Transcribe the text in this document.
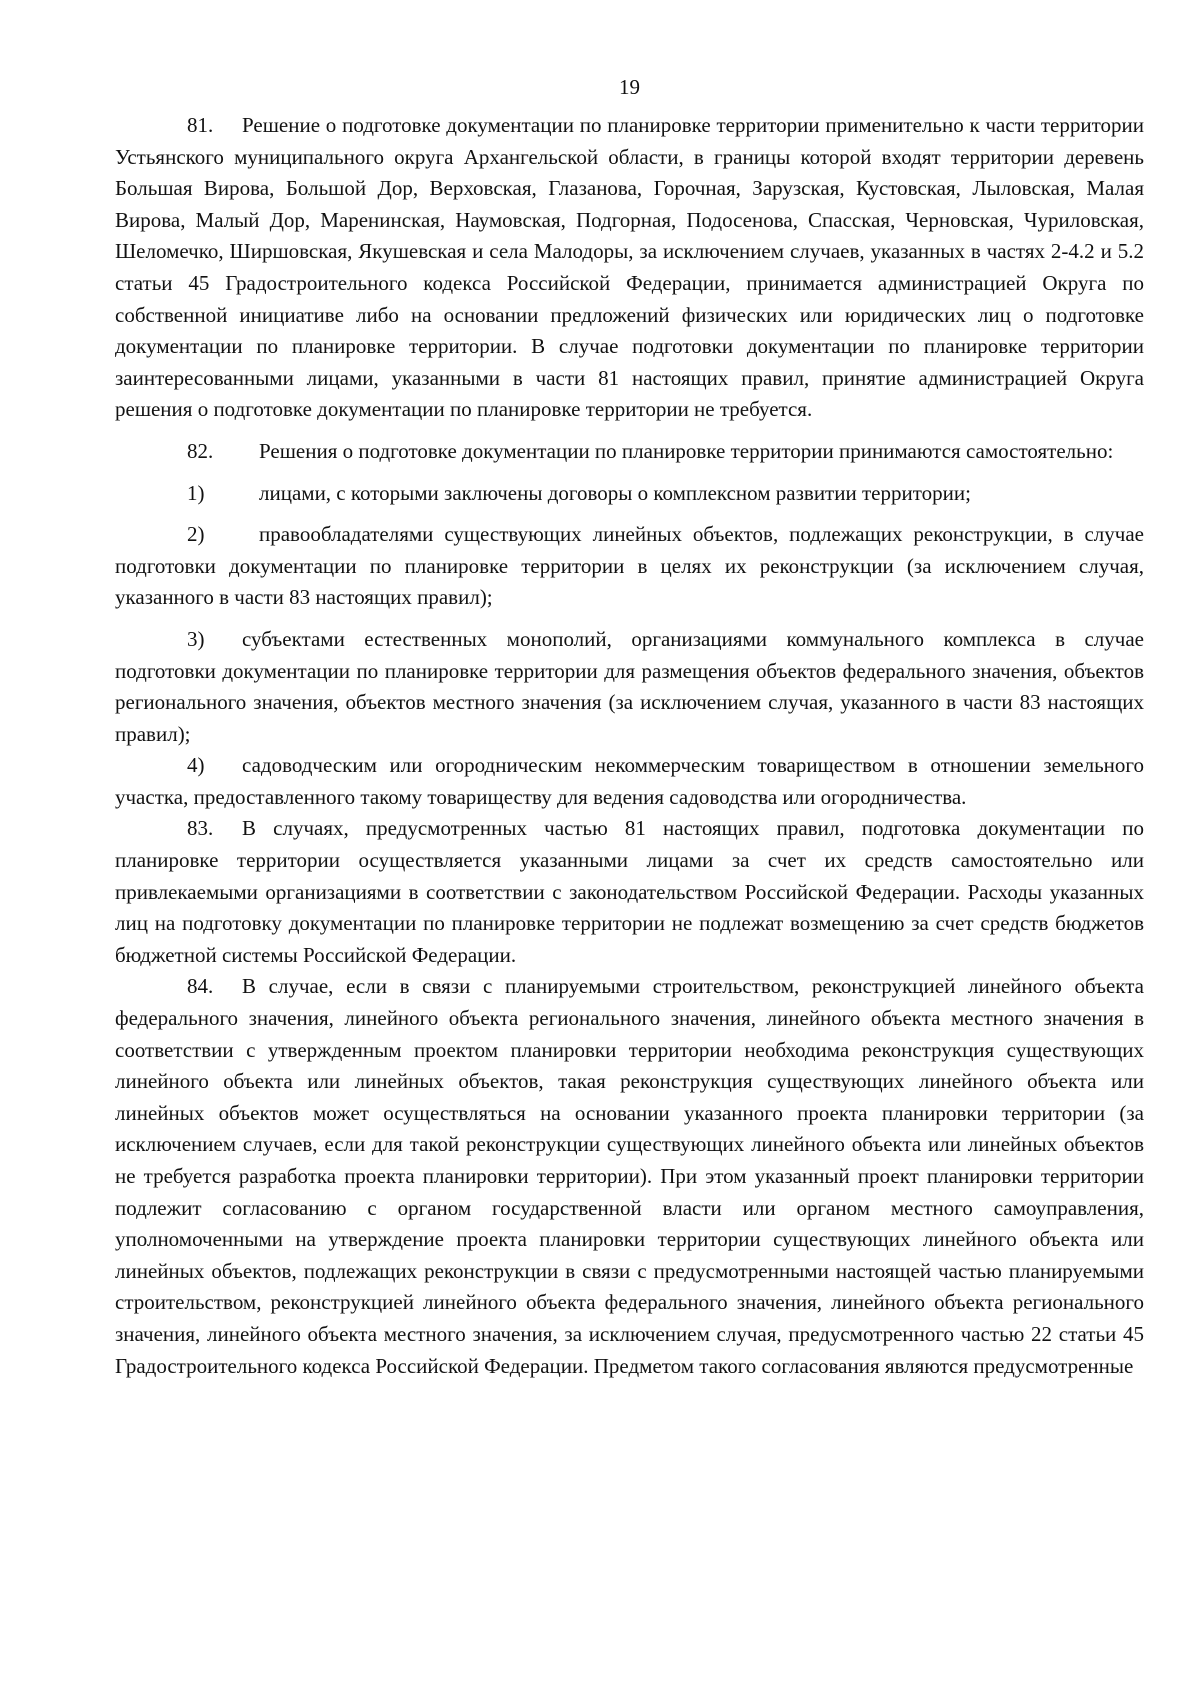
19

81. Решение о подготовке документации по планировке территории применительно к части территории Устьянского муниципального округа Архангельской области, в границы которой входят территории деревень Большая Вирова, Большой Дор, Верховская, Глазанова, Горочная, Зарузская, Кустовская, Лыловская, Малая Вирова, Малый Дор, Маренинская, Наумовская, Подгорная, Подосенова, Спасская, Черновская, Чуриловская, Шеломечко, Ширшовская, Якушевская и села Малодоры, за исключением случаев, указанных в частях 2-4.2 и 5.2 статьи 45 Градостроительного кодекса Российской Федерации, принимается администрацией Округа по собственной инициативе либо на основании предложений физических или юридических лиц о подготовке документации по планировке территории. В случае подготовки документации по планировке территории заинтересованными лицами, указанными в части 81 настоящих правил, принятие администрацией Округа решения о подготовке документации по планировке территории не требуется.

82. Решения о подготовке документации по планировке территории принимаются самостоятельно:

1)	лицами, с которыми заключены договоры о комплексном развитии территории;

2)	правообладателями существующих линейных объектов, подлежащих реконструкции, в случае подготовки документации по планировке территории в целях их реконструкции (за исключением случая, указанного в части 83 настоящих правил);

3) субъектами естественных монополий, организациями коммунального комплекса в случае подготовки документации по планировке территории для размещения объектов федерального значения, объектов регионального значения, объектов местного значения (за исключением случая, указанного в части 83 настоящих правил);

4) садоводческим или огородническим некоммерческим товариществом в отношении земельного участка, предоставленного такому товариществу для ведения садоводства или огородничества.

83. В случаях, предусмотренных частью 81 настоящих правил, подготовка документации по планировке территории осуществляется указанными лицами за счет их средств самостоятельно или привлекаемыми организациями в соответствии с законодательством Российской Федерации. Расходы указанных лиц на подготовку документации по планировке территории не подлежат возмещению за счет средств бюджетов бюджетной системы Российской Федерации.

84. В случае, если в связи с планируемыми строительством, реконструкцией линейного объекта федерального значения, линейного объекта регионального значения, линейного объекта местного значения в соответствии с утвержденным проектом планировки территории необходима реконструкция существующих линейного объекта или линейных объектов, такая реконструкция существующих линейного объекта или линейных объектов может осуществляться на основании указанного проекта планировки территории (за исключением случаев, если для такой реконструкции существующих линейного объекта или линейных объектов не требуется разработка проекта планировки территории). При этом указанный проект планировки территории подлежит согласованию с органом государственной власти или органом местного самоуправления, уполномоченными на утверждение проекта планировки территории существующих линейного объекта или линейных объектов, подлежащих реконструкции в связи с предусмотренными настоящей частью планируемыми строительством, реконструкцией линейного объекта федерального значения, линейного объекта регионального значения, линейного объекта местного значения, за исключением случая, предусмотренного частью 22 статьи 45 Градостроительного кодекса Российской Федерации. Предметом такого согласования являются предусмотренные
